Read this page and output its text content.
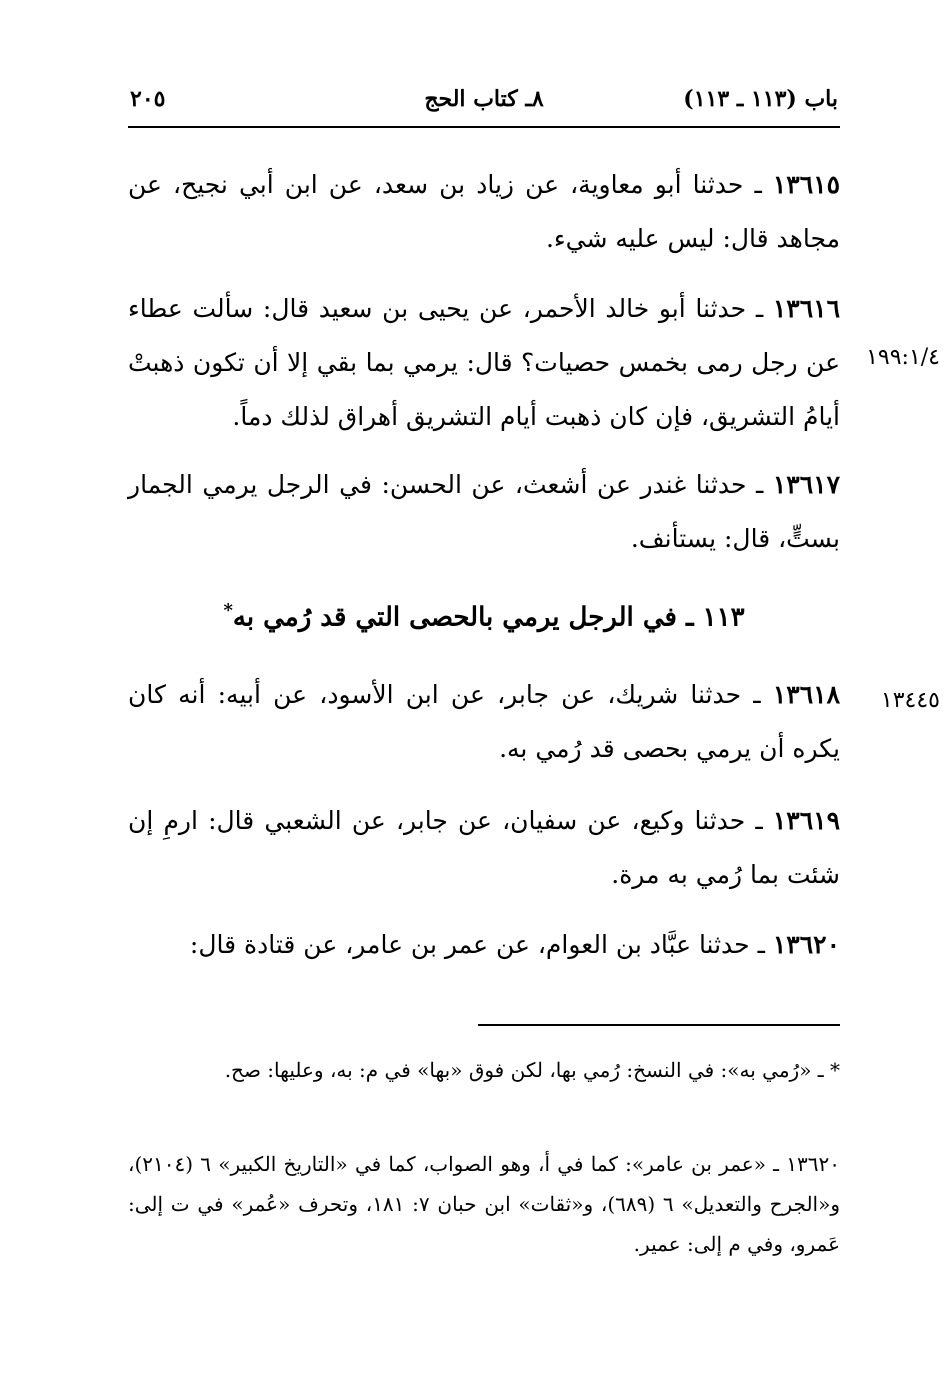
٢٠٥	٨ـ كتاب الحج	باب (١١٣ ـ ١١٣)
١٣٦١٥ ـ حدثنا أبو معاوية، عن زياد بن سعد، عن ابن أبي نجيح، عن مجاهد قال: ليس عليه شيء.
١٣٦١٦ ـ حدثنا أبو خالد الأحمر، عن يحيى بن سعيد قال: سألت عطاء عن رجل رمى بخمس حصيات؟ قال: يرمي بما بقي إلا أن تكون ذهبتْ أيامُ التشريق، فإن كان ذهبت أيام التشريق أهراق لذلك دماً.
١٩٩:١/٤
١٣٦١٧ ـ حدثنا غندر عن أشعث، عن الحسن: في الرجل يرمي الجمار بستٍّ، قال: يستأنف.
١١٣ ـ في الرجل يرمي بالحصى التي قد رُمي به*
١٣٦١٨ ـ حدثنا شريك، عن جابر، عن ابن الأسود، عن أبيه: أنه كان يكره أن يرمي بحصى قد رُمي به.
١٣٤٤٥
١٣٦١٩ ـ حدثنا وكيع، عن سفيان، عن جابر، عن الشعبي قال: ارمِ إن شئت بما رُمي به مرة.
١٣٦٢٠ ـ حدثنا عبَّاد بن العوام، عن عمر بن عامر، عن قتادة قال:
* ـ «رُمي به»: في النسخ: رُمي بها، لكن فوق «بها» في م: به، وعليها: صح.
١٣٦٢٠ ـ «عمر بن عامر»: كما في أ، وهو الصواب، كما في «التاريخ الكبير» ٦ (٢١٠٤)، و«الجرح والتعديل» ٦ (٦٨٩)، و«ثقات» ابن حبان ٧: ١٨١، وتحرف «عُمر» في ت إلى: عَمرو، وفي م إلى: عمير.
